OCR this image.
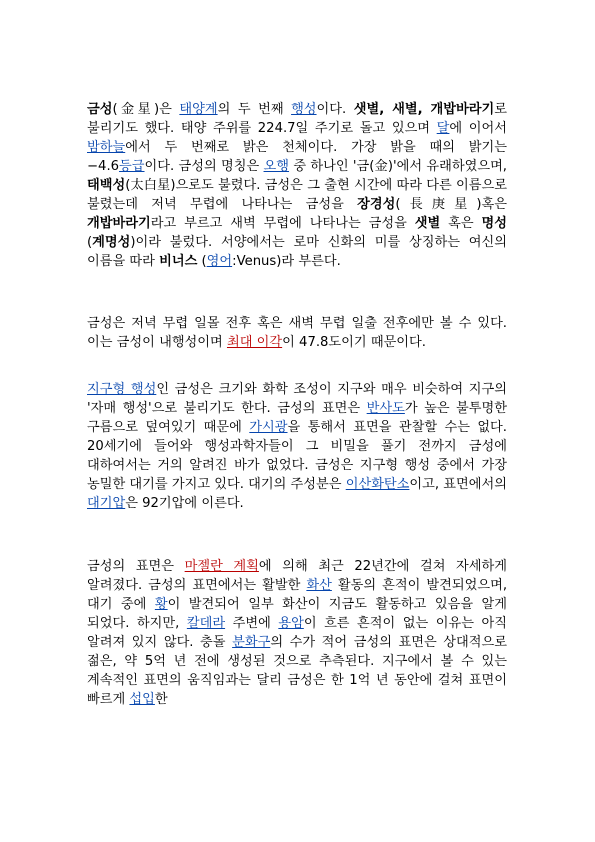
금성(金星)은 태양계의 두 번째 행성이다. 샛별, 새별, 개밥바라기로 불리기도 했다. 태양 주위를 224.7일 주기로 돌고 있으며 달에 이어서 밤하늘에서 두 번째로 밝은 천체이다. 가장 밝을 때의 밝기는 −4.6등급이다. 금성의 명칭은 오행 중 하나인 '금(金)'에서 유래하였으며, 태백성(太白星)으로도 불렸다. 금성은 그 출현 시간에 따라 다른 이름으로 불렸는데 저녁 무렵에 나타나는 금성을 장경성(長庚星)혹은 개밥바라기라고 부르고 새벽 무렵에 나타나는 금성을 샛별 혹은 명성(계명성)이라 불렀다. 서양에서는 로마 신화의 미를 상징하는 여신의 이름을 따라 비너스 (영어:Venus)라 부른다.

금성은 저녁 무렵 일몰 전후 혹은 새벽 무렵 일출 전후에만 볼 수 있다. 이는 금성이 내행성이며 최대 이각이 47.8도이기 때문이다.

지구형 행성인 금성은 크기와 화학 조성이 지구와 매우 비슷하여 지구의 '자매 행성'으로 불리기도 한다. 금성의 표면은 반사도가 높은 불투명한 구름으로 덮여있기 때문에 가시광을 통해서 표면을 관찰할 수는 없다. 20세기에 들어와 행성과학자들이 그 비밀을 풀기 전까지 금성에 대하여서는 거의 알려진 바가 없었다. 금성은 지구형 행성 중에서 가장 농밀한 대기를 가지고 있다. 대기의 주성분은 이산화탄소이고, 표면에서의 대기압은 92기압에 이른다.

금성의 표면은 마젤란 계획에 의해 최근 22년간에 걸쳐 자세하게 알려졌다. 금성의 표면에서는 활발한 화산 활동의 흔적이 발견되었으며, 대기 중에 황이 발견되어 일부 화산이 지금도 활동하고 있음을 알게 되었다. 하지만, 칼데라 주변에 용암이 흐른 흔적이 없는 이유는 아직 알려져 있지 않다. 충돌 분화구의 수가 적어 금성의 표면은 상대적으로 젊은, 약 5억 년 전에 생성된 것으로 추측된다. 지구에서 볼 수 있는 계속적인 표면의 움직임과는 달리 금성은 한 1억 년 동안에 걸쳐 표면이 빠르게 섭입한
